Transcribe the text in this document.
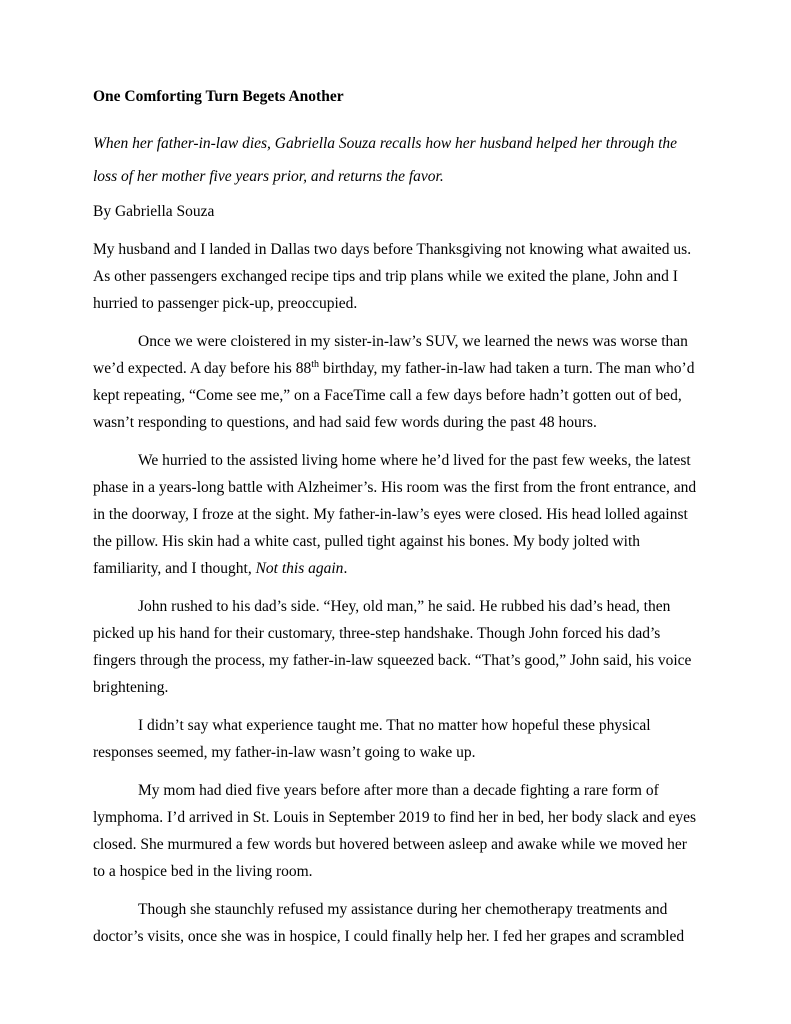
One Comforting Turn Begets Another

When her father-in-law dies, Gabriella Souza recalls how her husband helped her through the loss of her mother five years prior, and returns the favor.

By Gabriella Souza

My husband and I landed in Dallas two days before Thanksgiving not knowing what awaited us. As other passengers exchanged recipe tips and trip plans while we exited the plane, John and I hurried to passenger pick-up, preoccupied.

Once we were cloistered in my sister-in-law’s SUV, we learned the news was worse than we’d expected. A day before his 88th birthday, my father-in-law had taken a turn. The man who’d kept repeating, “Come see me,” on a FaceTime call a few days before hadn’t gotten out of bed, wasn’t responding to questions, and had said few words during the past 48 hours.

We hurried to the assisted living home where he’d lived for the past few weeks, the latest phase in a years-long battle with Alzheimer’s. His room was the first from the front entrance, and in the doorway, I froze at the sight. My father-in-law’s eyes were closed. His head lolled against the pillow. His skin had a white cast, pulled tight against his bones. My body jolted with familiarity, and I thought, Not this again.

John rushed to his dad’s side. “Hey, old man,” he said. He rubbed his dad’s head, then picked up his hand for their customary, three-step handshake. Though John forced his dad’s fingers through the process, my father-in-law squeezed back. “That’s good,” John said, his voice brightening.

I didn’t say what experience taught me. That no matter how hopeful these physical responses seemed, my father-in-law wasn’t going to wake up.

My mom had died five years before after more than a decade fighting a rare form of lymphoma. I’d arrived in St. Louis in September 2019 to find her in bed, her body slack and eyes closed. She murmured a few words but hovered between asleep and awake while we moved her to a hospice bed in the living room.

Though she staunchly refused my assistance during her chemotherapy treatments and doctor’s visits, once she was in hospice, I could finally help her. I fed her grapes and scrambled
